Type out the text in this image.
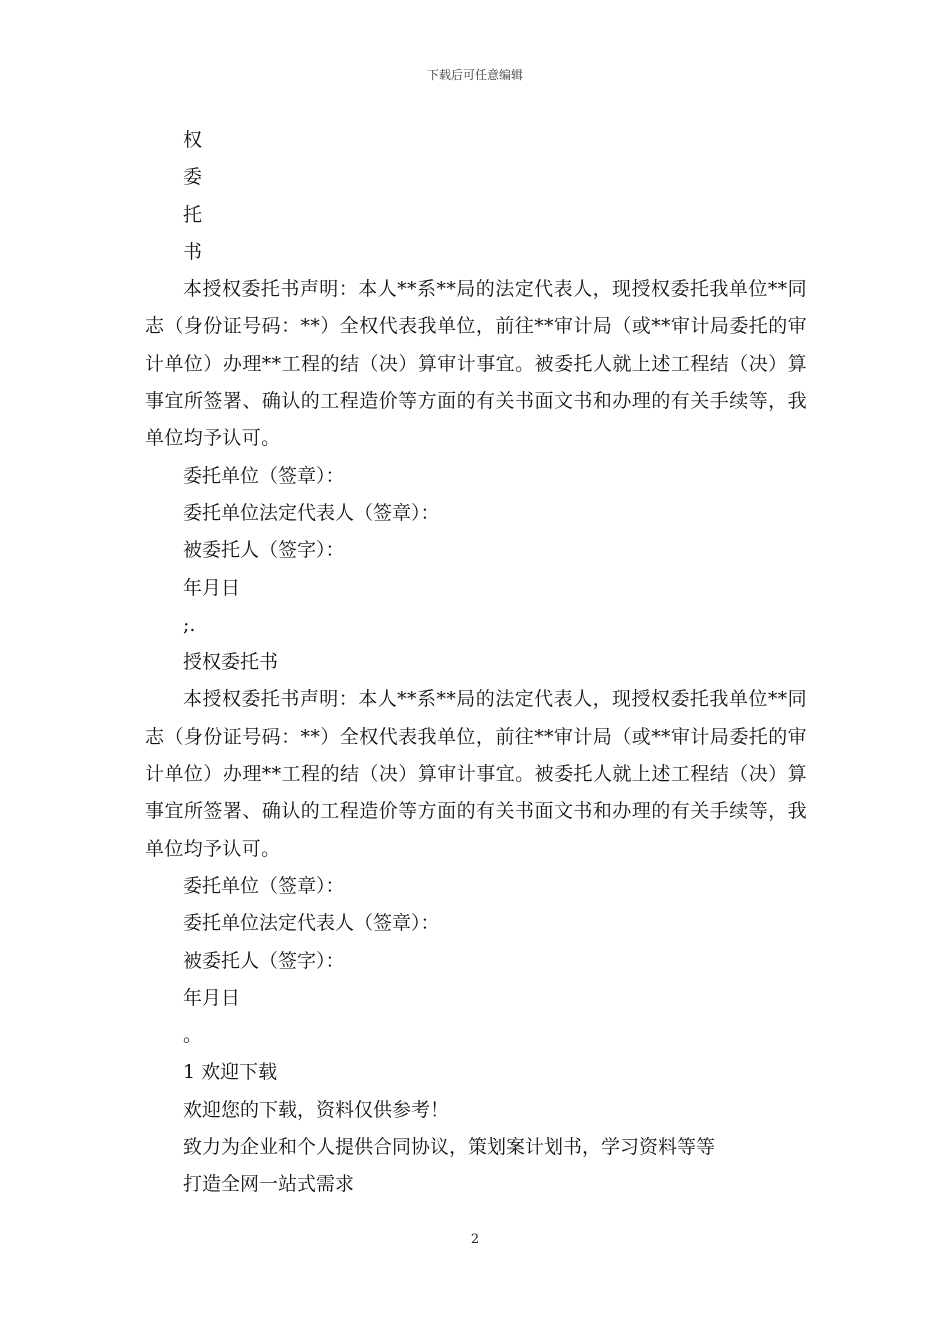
下载后可任意编辑
权
委
托
书
本授权委托书声明：本人**系**局的法定代表人，现授权委托我单位**同志（身份证号码：**）全权代表我单位，前往**审计局（或**审计局委托的审计单位）办理**工程的结（决）算审计事宜。被委托人就上述工程结（决）算事宜所签署、确认的工程造价等方面的有关书面文书和办理的有关手续等，我单位均予认可。
委托单位（签章）：
委托单位法定代表人（签章）：
被委托人（签字）：
年月日
;.
授权委托书
本授权委托书声明：本人**系**局的法定代表人，现授权委托我单位**同志（身份证号码：**）全权代表我单位，前往**审计局（或**审计局委托的审计单位）办理**工程的结（决）算审计事宜。被委托人就上述工程结（决）算事宜所签署、确认的工程造价等方面的有关书面文书和办理的有关手续等，我单位均予认可。
委托单位（签章）：
委托单位法定代表人（签章）：
被委托人（签字）：
年月日
。
1 欢迎下载
欢迎您的下载，资料仅供参考！
致力为企业和个人提供合同协议，策划案计划书，学习资料等等
打造全网一站式需求
2
